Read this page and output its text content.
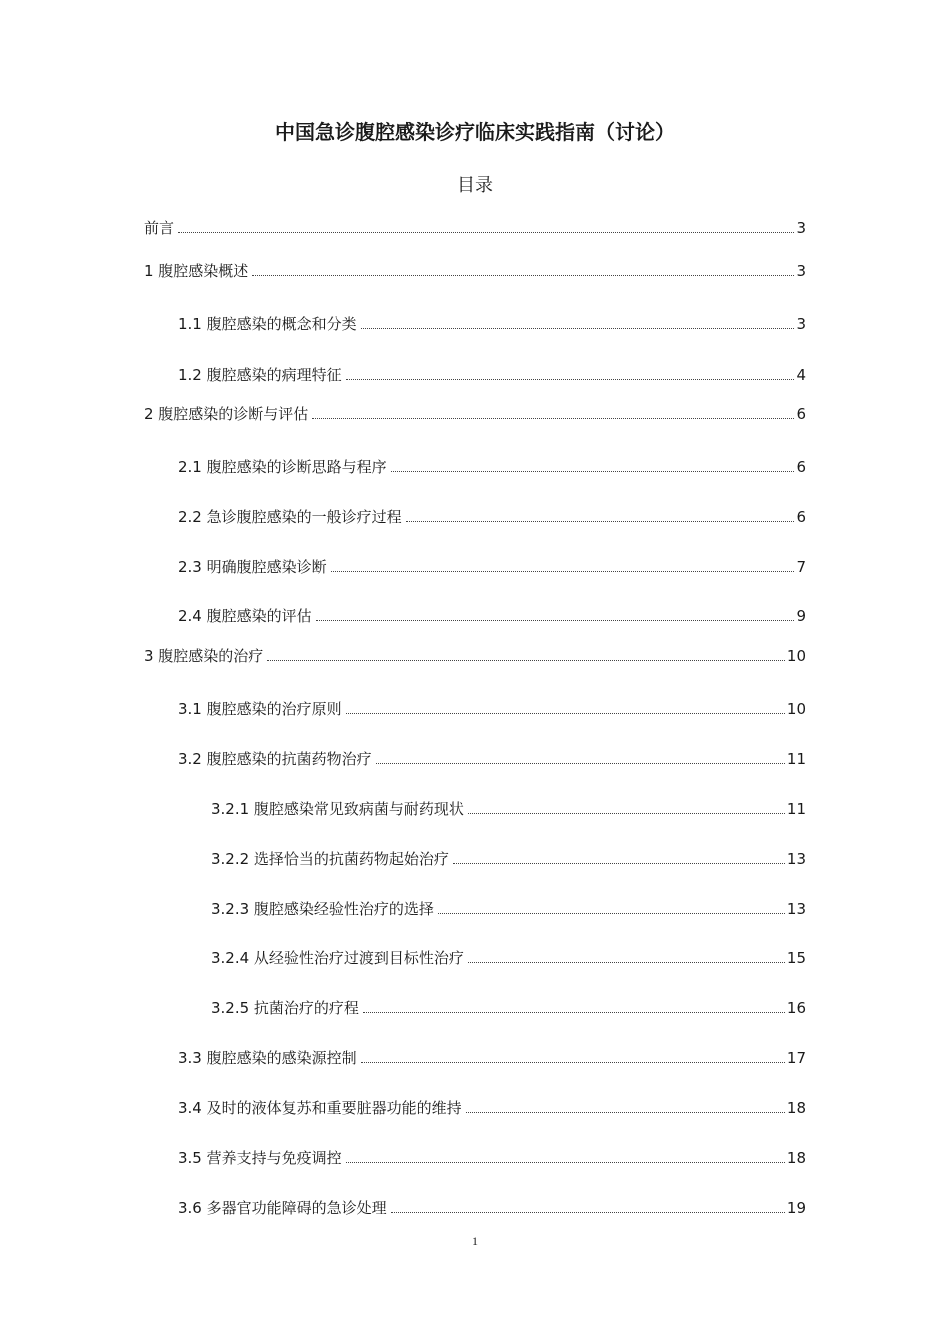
中国急诊腹腔感染诊疗临床实践指南（讨论）
目录
前言	3
1 腹腔感染概述	3
1.1 腹腔感染的概念和分类	3
1.2 腹腔感染的病理特征	4
2 腹腔感染的诊断与评估	6
2.1 腹腔感染的诊断思路与程序	6
2.2 急诊腹腔感染的一般诊疗过程	6
2.3 明确腹腔感染诊断	7
2.4 腹腔感染的评估	9
3 腹腔感染的治疗	10
3.1 腹腔感染的治疗原则	10
3.2 腹腔感染的抗菌药物治疗	11
3.2.1 腹腔感染常见致病菌与耐药现状	11
3.2.2 选择恰当的抗菌药物起始治疗	13
3.2.3 腹腔感染经验性治疗的选择	13
3.2.4 从经验性治疗过渡到目标性治疗	15
3.2.5 抗菌治疗的疗程	16
3.3 腹腔感染的感染源控制	17
3.4 及时的液体复苏和重要脏器功能的维持	18
3.5 营养支持与免疫调控	18
3.6 多器官功能障碍的急诊处理	19
1
